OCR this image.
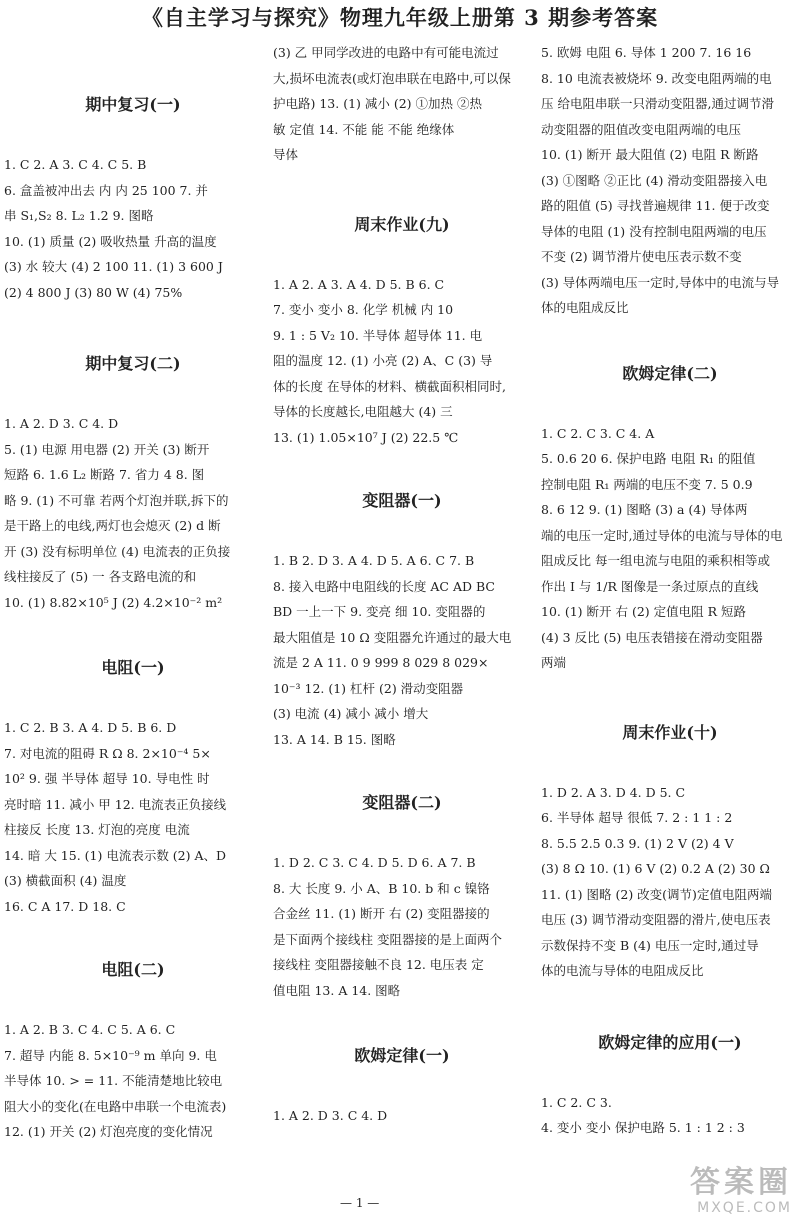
《自主学习与探究》物理九年级上册第 3 期参考答案
期中复习(一)

1. C 2. A 3. C 4. C 5. B

6. 盒盖被冲出去 内 内 25 100 7. 并

串 S₁,S₂ 8. L₂ 1.2 9. 图略

10. (1) 质量 (2) 吸收热量 升高的温度

(3) 水 较大 (4) 2 100 11. (1) 3 600 J

(2) 4 800 J (3) 80 W (4) 75%

期中复习(二)

1. A 2. D 3. C 4. D

5. (1) 电源 用电器 (2) 开关 (3) 断开

短路 6. 1.6 L₂ 断路 7. 省力 4 8. 图

略 9. (1) 不可靠 若两个灯泡并联,拆下的

是干路上的电线,两灯也会熄灭 (2) d 断

开 (3) 没有标明单位 (4) 电流表的正负接

线柱接反了 (5) 一 各支路电流的和

10. (1) 8.82×10⁵ J (2) 4.2×10⁻² m²

电阻(一)

1. C 2. B 3. A 4. D 5. B 6. D

7. 对电流的阻碍 R Ω 8. 2×10⁻⁴ 5×

10² 9. 强 半导体 超导 10. 导电性 时

亮时暗 11. 减小 甲 12. 电流表正负接线

柱接反 长度 13. 灯泡的亮度 电流

14. 暗 大 15. (1) 电流表示数 (2) A、D

(3) 横截面积 (4) 温度

16. C A 17. D 18. C

电阻(二)

1. A 2. B 3. C 4. C 5. A 6. C

7. 超导 内能 8. 5×10⁻⁹ m 单向 9. 电

半导体 10. > = 11. 不能清楚地比较电

阻大小的变化(在电路中串联一个电流表)

12. (1) 开关 (2) 灯泡亮度的变化情况

(3) 乙 甲同学改进的电路中有可能电流过

大,损坏电流表(或灯泡串联在电路中,可以保

护电路) 13. (1) 减小 (2) ①加热 ②热

敏 定值 14. 不能 能 不能 绝缘体

导体

周末作业(九)

1. A 2. A 3. A 4. D 5. B 6. C

7. 变小 变小 8. 化学 机械 内 10

9. 1 : 5 V₂ 10. 半导体 超导体 11. 电

阻的温度 12. (1) 小亮 (2) A、C (3) 导

体的长度 在导体的材料、横截面积相同时,

导体的长度越长,电阻越大 (4) 三

13. (1) 1.05×10⁷ J (2) 22.5 ℃

变阻器(一)

1. B 2. D 3. A 4. D 5. A 6. C 7. B

8. 接入电路中电阻线的长度 AC AD BC

BD 一上一下 9. 变亮 细 10. 变阻器的

最大阻值是 10 Ω 变阻器允许通过的最大电

流是 2 A 11. 0 9 999 8 029 8 029×

10⁻³ 12. (1) 杠杆 (2) 滑动变阻器

(3) 电流 (4) 减小 减小 增大

13. A 14. B 15. 图略

变阻器(二)

1. D 2. C 3. C 4. D 5. D 6. A 7. B

8. 大 长度 9. 小 A、B 10. b 和 c 镍铬

合金丝 11. (1) 断开 右 (2) 变阻器接的

是下面两个接线柱 变阻器接的是上面两个

接线柱 变阻器接触不良 12. 电压表 定

值电阻 13. A 14. 图略

欧姆定律(一)

1. A 2. D 3. C 4. D

5. 欧姆 电阻 6. 导体 1 200 7. 16 16

8. 10 电流表被烧坏 9. 改变电阻两端的电

压 给电阻串联一只滑动变阻器,通过调节滑

动变阻器的阻值改变电阻两端的电压

10. (1) 断开 最大阻值 (2) 电阻 R 断路

(3) ①图略 ②正比 (4) 滑动变阻器接入电

路的阻值 (5) 寻找普遍规律 11. 便于改变

导体的电阻 (1) 没有控制电阻两端的电压

不变 (2) 调节滑片使电压表示数不变

(3) 导体两端电压一定时,导体中的电流与导

体的电阻成反比

欧姆定律(二)

1. C 2. C 3. C 4. A

5. 0.6 20 6. 保护电路 电阻 R₁ 的阻值

控制电阻 R₁ 两端的电压不变 7. 5 0.9

8. 6 12 9. (1) 图略 (3) a (4) 导体两

端的电压一定时,通过导体的电流与导体的电

阻成反比 每一组电流与电阻的乘积相等或

作出 I 与 1/R 图像是一条过原点的直线

10. (1) 断开 右 (2) 定值电阻 R 短路

(4) 3 反比 (5) 电压表错接在滑动变阻器

两端

周末作业(十)

1. D 2. A 3. D 4. D 5. C

6. 半导体 超导 很低 7. 2 : 1 1 : 2

8. 5.5 2.5 0.3 9. (1) 2 V (2) 4 V

(3) 8 Ω 10. (1) 6 V (2) 0.2 A (2) 30 Ω

11. (1) 图略 (2) 改变(调节)定值电阻两端

电压 (3) 调节滑动变阻器的滑片,使电压表

示数保持不变 B (4) 电压一定时,通过导

体的电流与导体的电阻成反比

欧姆定律的应用(一)

1. C 2. C 3.

4. 变小 变小 保护电路 5. 1 : 1 2 : 3

— 1 —
答案圈
MXQE.COM
